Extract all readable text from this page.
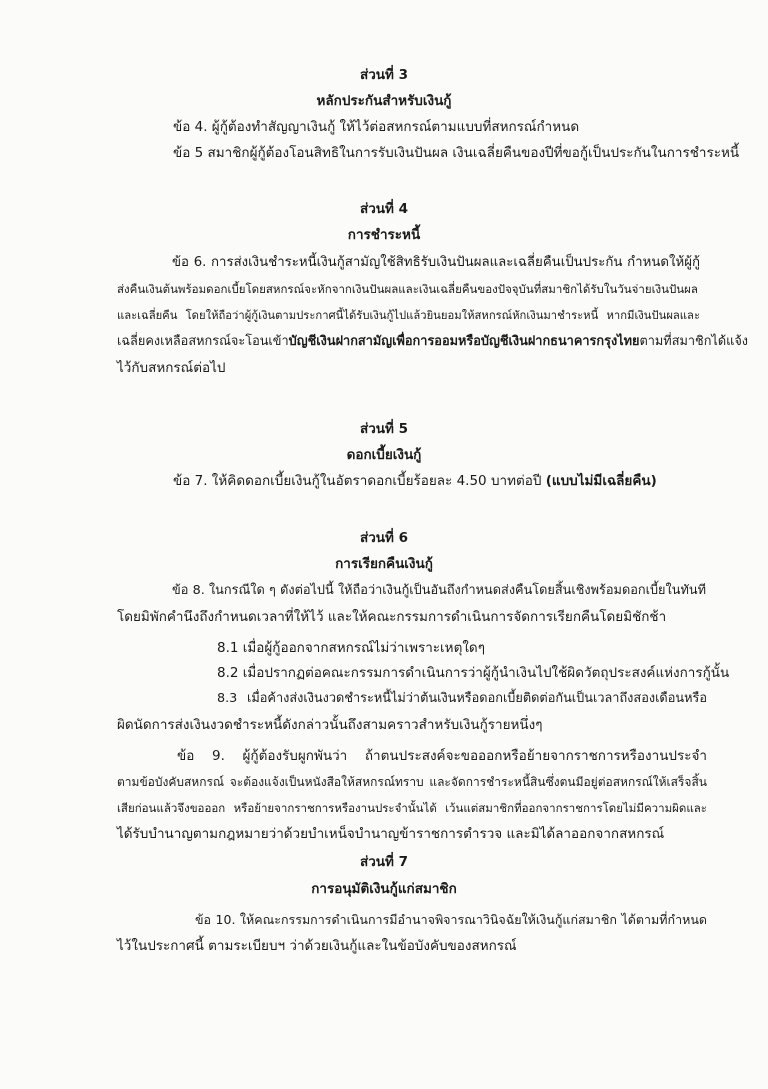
ส่วนที่ 3
หลักประกันสำหรับเงินกู้
ข้อ 4. ผู้กู้ต้องทำสัญญาเงินกู้ ให้ไว้ต่อสหกรณ์ตามแบบที่สหกรณ์กำหนด
ข้อ 5 สมาชิกผู้กู้ต้องโอนสิทธิในการรับเงินปันผล เงินเฉลี่ยคืนของปีที่ขอกู้เป็นประกันในการชำระหนี้
ส่วนที่ 4
การชำระหนี้
ข้อ 6. การส่งเงินชำระหนี้เงินกู้สามัญใช้สิทธิรับเงินปันผลและเฉลี่ยคืนเป็นประกัน กำหนดให้ผู้กู้
ส่งคืนเงินต้นพร้อมดอกเบี้ยโดยสหกรณ์จะหักจากเงินปันผลและเงินเฉลี่ยคืนของปัจจุบันที่สมาชิกได้รับในวันจ่ายเงินปันผล
และเฉลี่ยคืน โดยให้ถือว่าผู้กู้เงินตามประกาศนี้ได้รับเงินกู้ไปแล้วยินยอมให้สหกรณ์หักเงินมาชำระหนี้ หากมีเงินปันผลและ
เฉลี่ยคงเหลือสหกรณ์จะโอนเข้าบัญชีเงินฝากสามัญเพื่อการออมหรือบัญชีเงินฝากธนาคารกรุงไทยตามที่สมาชิกได้แจ้ง
ไว้กับสหกรณ์ต่อไป
ส่วนที่ 5
ดอกเบี้ยเงินกู้
ข้อ 7. ให้คิดดอกเบี้ยเงินกู้ในอัตราดอกเบี้ยร้อยละ 4.50 บาทต่อปี (แบบไม่มีเฉลี่ยคืน)
ส่วนที่ 6
การเรียกคืนเงินกู้
ข้อ 8. ในกรณีใด ๆ ดังต่อไปนี้ ให้ถือว่าเงินกู้เป็นอันถึงกำหนดส่งคืนโดยสิ้นเชิงพร้อมดอกเบี้ยในทันที
โดยมิพักคำนึงถึงกำหนดเวลาที่ให้ไว้ และให้คณะกรรมการดำเนินการจัดการเรียกคืนโดยมิชักช้า
8.1 เมื่อผู้กู้ออกจากสหกรณ์ไม่ว่าเพราะเหตุใดๆ
8.2 เมื่อปรากฏต่อคณะกรรมการดำเนินการว่าผู้กู้นำเงินไปใช้ผิดวัตถุประสงค์แห่งการกู้นั้น
8.3 เมื่อค้างส่งเงินงวดชำระหนี้ไม่ว่าต้นเงินหรือดอกเบี้ยติดต่อกันเป็นเวลาถึงสองเดือนหรือ
ผิดนัดการส่งเงินงวดชำระหนี้ดังกล่าวนั้นถึงสามคราวสำหรับเงินกู้รายหนึ่งๆ
ข้อ 9. ผู้กู้ต้องรับผูกพันว่า ถ้าตนประสงค์จะขอออกหรือย้ายจากราชการหรืองานประจำ
ตามข้อบังคับสหกรณ์ จะต้องแจ้งเป็นหนังสือให้สหกรณ์ทราบ และจัดการชำระหนี้สินซึ่งตนมีอยู่ต่อสหกรณ์ให้เสร็จสิ้น
เสียก่อนแล้วจึงขอออก หรือย้ายจากราชการหรืองานประจำนั้นได้ เว้นแต่สมาชิกที่ออกจากราชการโดยไม่มีความผิดและ
ได้รับบำนาญตามกฎหมายว่าด้วยบำเหน็จบำนาญข้าราชการตำรวจ และมิได้ลาออกจากสหกรณ์
ส่วนที่ 7
การอนุมัติเงินกู้แก่สมาชิก
ข้อ 10. ให้คณะกรรมการดำเนินการมีอำนาจพิจารณาวินิจฉัยให้เงินกู้แก่สมาชิก ได้ตามที่กำหนด
ไว้ในประกาศนี้ ตามระเบียบฯ ว่าด้วยเงินกู้และในข้อบังคับของสหกรณ์
